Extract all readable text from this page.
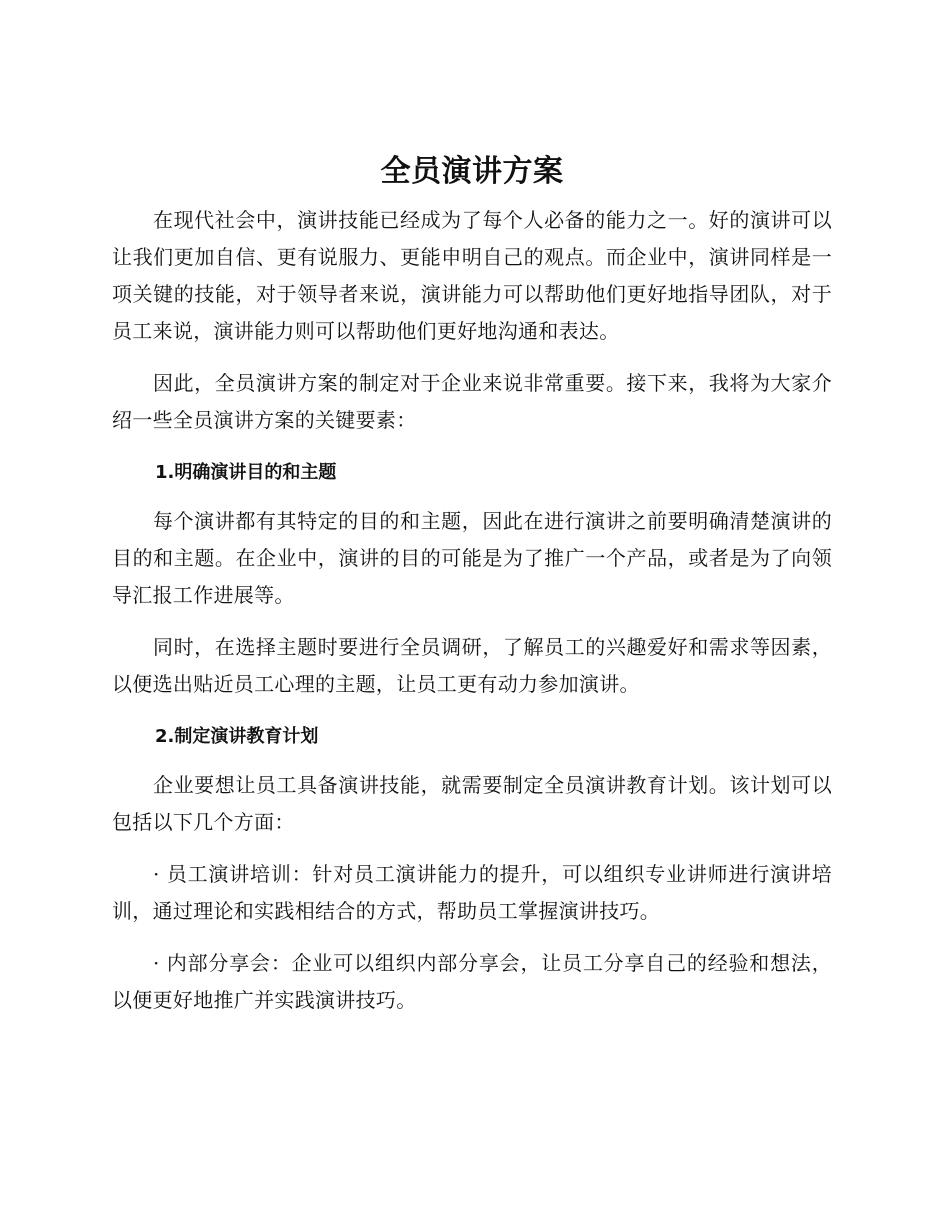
全员演讲方案

在现代社会中，演讲技能已经成为了每个人必备的能力之一。好的演讲可以让我们更加自信、更有说服力、更能申明自己的观点。而企业中，演讲同样是一项关键的技能，对于领导者来说，演讲能力可以帮助他们更好地指导团队，对于员工来说，演讲能力则可以帮助他们更好地沟通和表达。

因此，全员演讲方案的制定对于企业来说非常重要。接下来，我将为大家介绍一些全员演讲方案的关键要素：

1.明确演讲目的和主题

每个演讲都有其特定的目的和主题，因此在进行演讲之前要明确清楚演讲的目的和主题。在企业中，演讲的目的可能是为了推广一个产品，或者是为了向领导汇报工作进展等。

同时，在选择主题时要进行全员调研，了解员工的兴趣爱好和需求等因素，以便选出贴近员工心理的主题，让员工更有动力参加演讲。

2.制定演讲教育计划

企业要想让员工具备演讲技能，就需要制定全员演讲教育计划。该计划可以包括以下几个方面：

· 员工演讲培训：针对员工演讲能力的提升，可以组织专业讲师进行演讲培训，通过理论和实践相结合的方式，帮助员工掌握演讲技巧。

· 内部分享会：企业可以组织内部分享会，让员工分享自己的经验和想法，以便更好地推广并实践演讲技巧。
